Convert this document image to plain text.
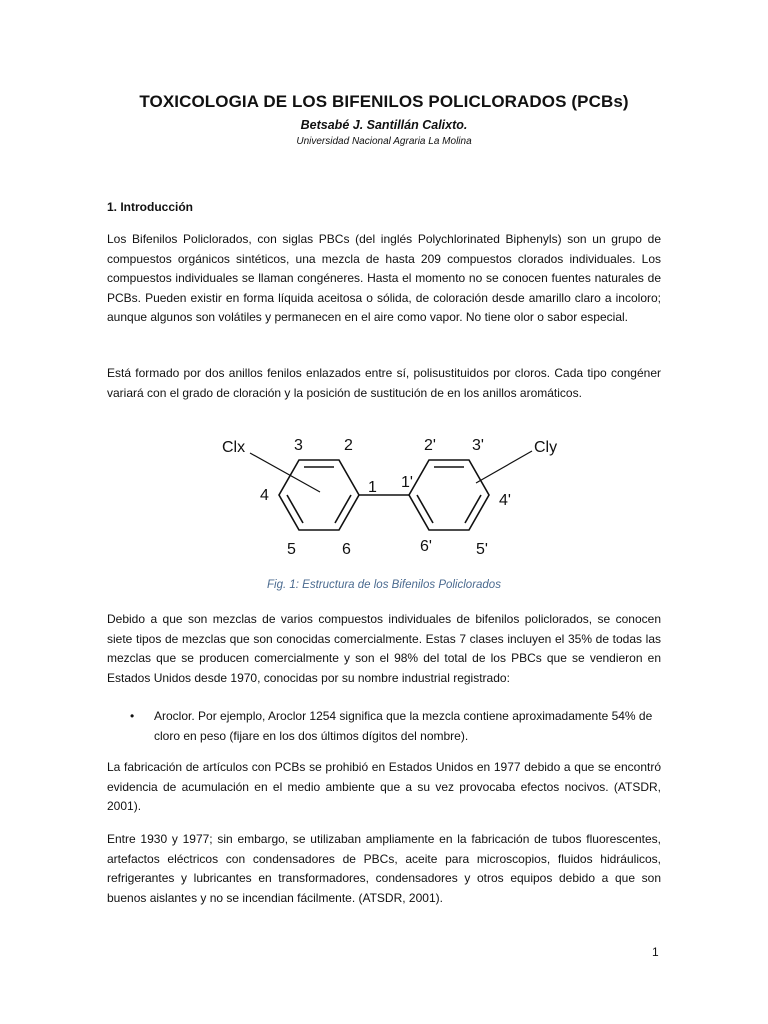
TOXICOLOGIA DE LOS BIFENILOS POLICLORADOS (PCBs)
Betsabé J. Santillán Calixto.
Universidad Nacional Agraria La Molina
1. Introducción
Los Bifenilos Policlorados, con siglas PBCs (del inglés Polychlorinated Biphenyls) son un grupo de compuestos orgánicos sintéticos, una mezcla de hasta 209 compuestos clorados individuales. Los compuestos individuales se llaman congéneres. Hasta el momento no se conocen fuentes naturales de PCBs. Pueden existir en forma líquida aceitosa o sólida, de coloración desde amarillo claro a incoloro; aunque algunos son volátiles y permanecen en el aire como vapor. No tiene olor o sabor especial.
Está formado por dos anillos fenilos enlazados entre sí, polisustituidos por cloros. Cada tipo congéner variará con el grado de cloración y la posición de sustitución de en los anillos aromáticos.
Clx	3	2
1
4
5	6
2' 3'	Cly
1'
4'
6'	5'
Fig. 1: Estructura de los Bifenilos Policlorados
Debido a que son mezclas de varios compuestos individuales de bifenilos policlorados, se conocen siete tipos de mezclas que son conocidas comercialmente. Estas 7 clases incluyen el 35% de todas las mezclas que se producen comercialmente y son el 98% del total de los PBCs que se vendieron en Estados Unidos desde 1970, conocidas por su nombre industrial registrado:
• Aroclor. Por ejemplo, Aroclor 1254 significa que la mezcla contiene aproximadamente 54% de cloro en peso (fijare en los dos últimos dígitos del nombre).
La fabricación de artículos con PCBs se prohibió en Estados Unidos en 1977 debido a que se encontró evidencia de acumulación en el medio ambiente que a su vez provocaba efectos nocivos. (ATSDR, 2001).
Entre 1930 y 1977; sin embargo, se utilizaban ampliamente en la fabricación de tubos fluorescentes, artefactos eléctricos con condensadores de PBCs, aceite para microscopios, fluidos hidráulicos, refrigerantes y lubricantes en transformadores, condensadores y otros equipos debido a que son buenos aislantes y no se incendian fácilmente. (ATSDR, 2001).
1
